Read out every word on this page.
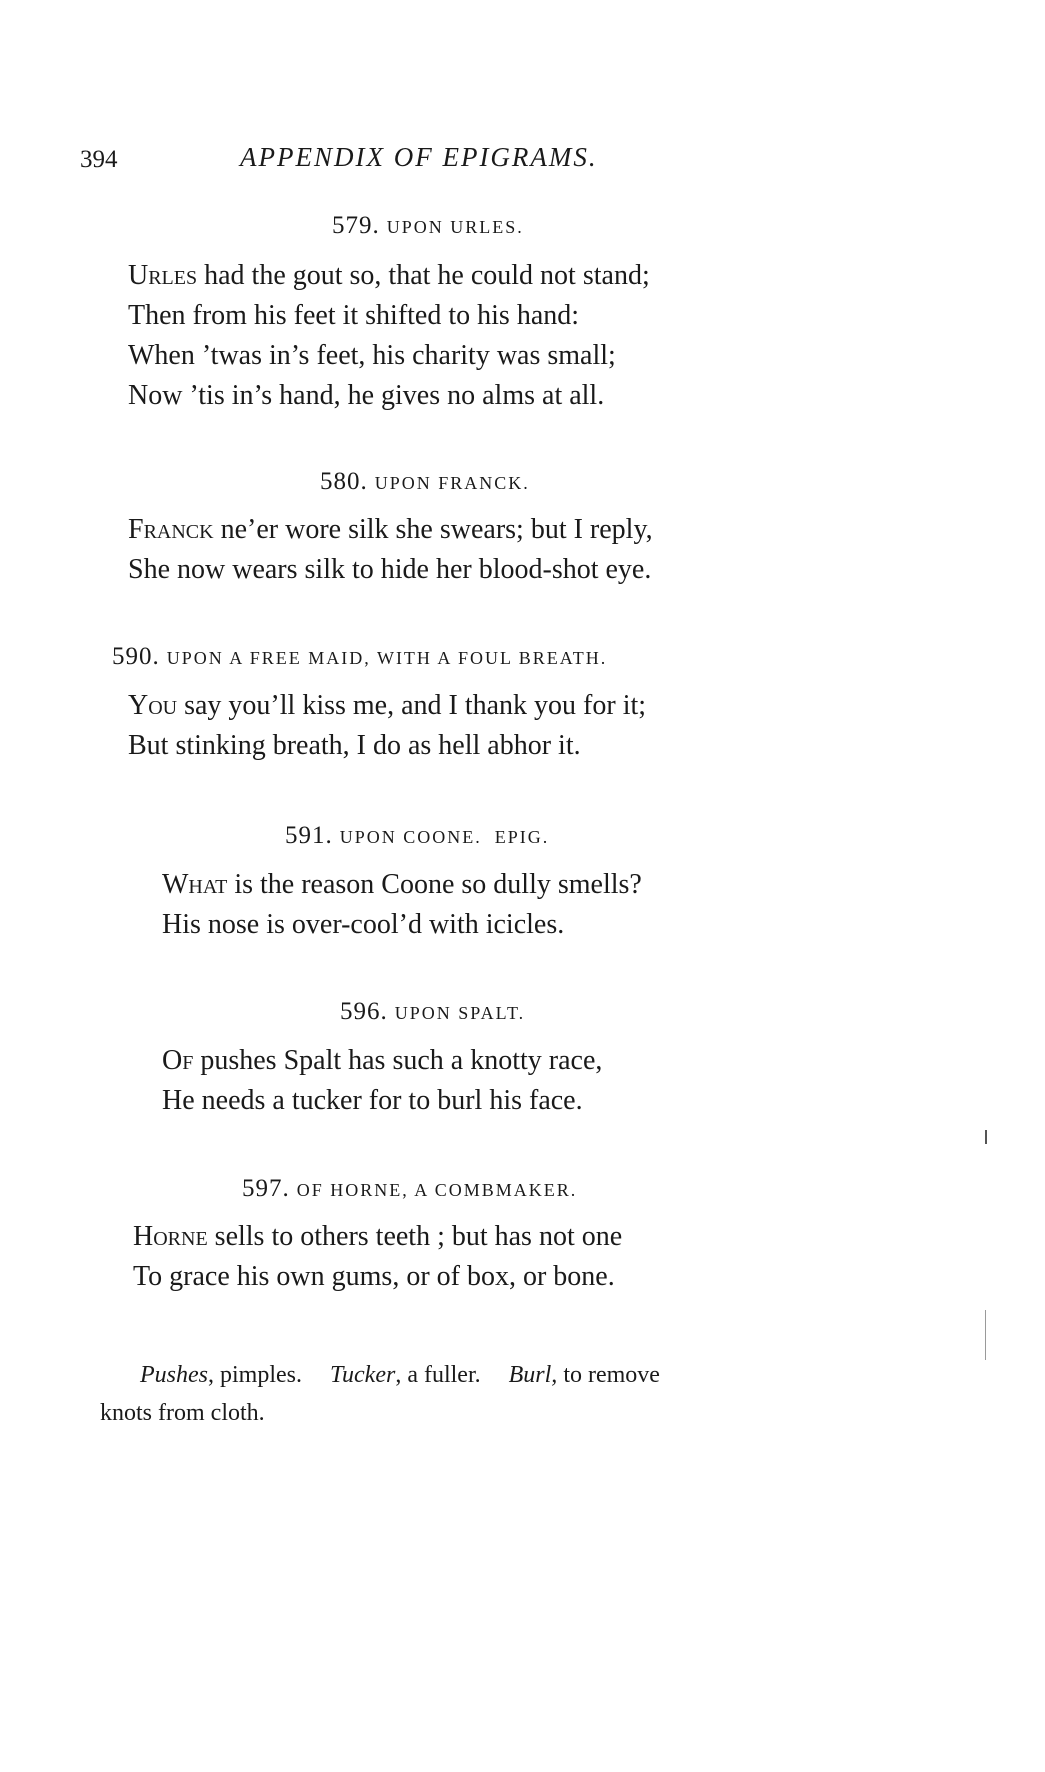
394	APPENDIX OF EPIGRAMS.
579. UPON URLES.
Urles had the gout so, that he could not stand;
Then from his feet it shifted to his hand:
When ’twas in’s feet, his charity was small;
Now ’tis in’s hand, he gives no alms at all.
580. UPON FRANCK.
Franck ne’er wore silk she swears; but I reply,
She now wears silk to hide her blood-shot eye.
590. UPON A FREE MAID, WITH A FOUL BREATH.
You say you’ll kiss me, and I thank you for it;
But stinking breath, I do as hell abhor it.
591. UPON COONE.  EPIG.
What is the reason Coone so dully smells?
His nose is over-cool’d with icicles.
596. UPON SPALT.
Of pushes Spalt has such a knotty race,
He needs a tucker for to burl his face.
597. OF HORNE, A COMBMAKER.
Horne sells to others teeth ; but has not one
To grace his own gums, or of box, or bone.
Pushes, pimples. Tucker, a fuller. Burl, to remove
knots from cloth.
